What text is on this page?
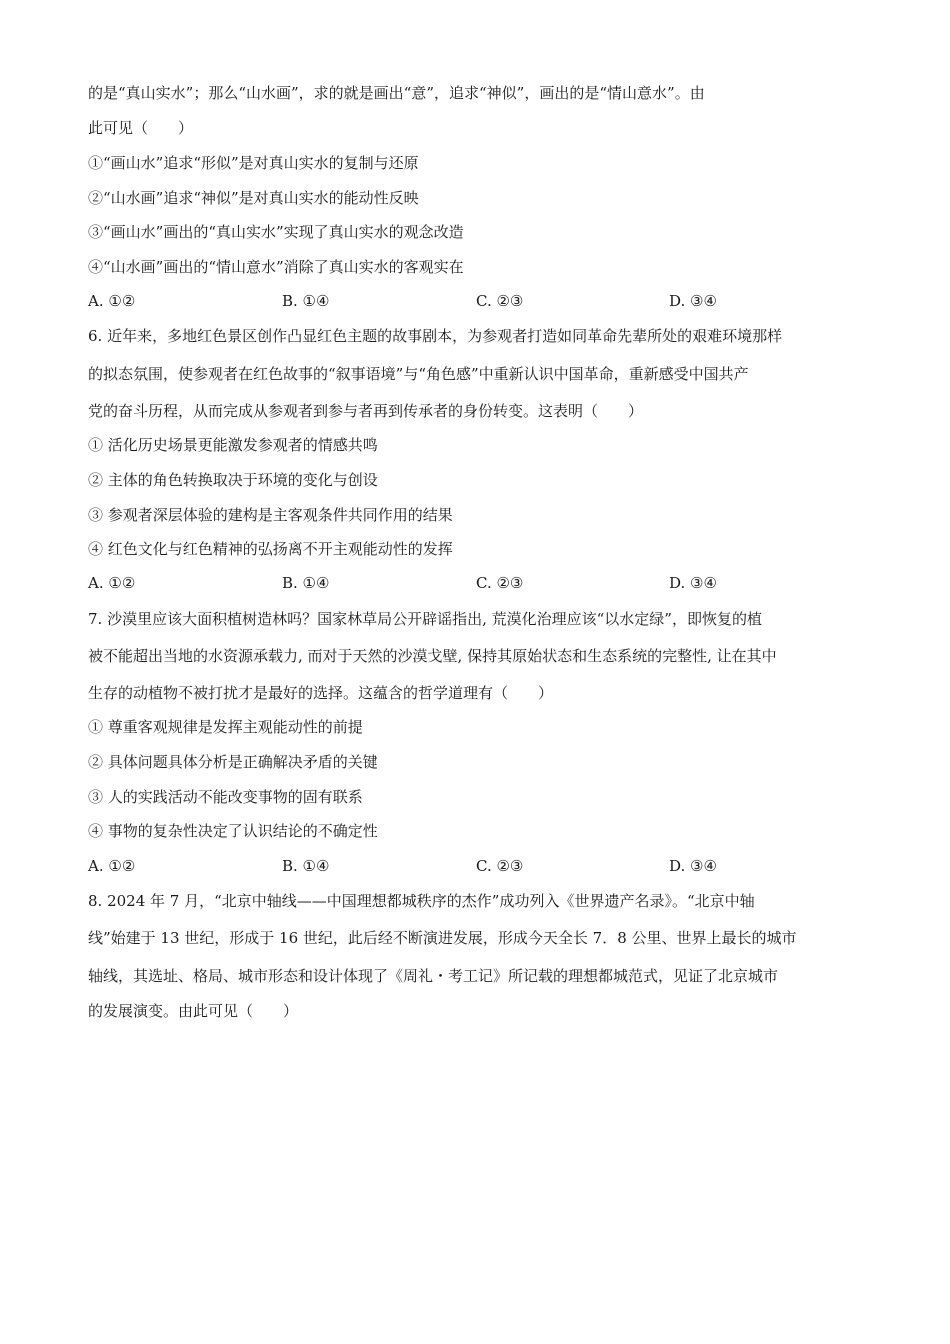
的是“真山实水”；那么“山水画”，求的就是画出“意”，追求“神似”，画出的是“情山意水”。由
此可见（　　）
①“画山水”追求“形似”是对真山实水的复制与还原
②“山水画”追求“神似”是对真山实水的能动性反映
③“画山水”画出的“真山实水”实现了真山实水的观念改造
④“山水画”画出的“情山意水”消除了真山实水的客观实在
A. ①②	B. ①④	C. ②③	D. ③④
6. 近年来，多地红色景区创作凸显红色主题的故事剧本，为参观者打造如同革命先辈所处的艰难环境那样
的拟态氛围，使参观者在红色故事的“叙事语境”与“角色感”中重新认识中国革命，重新感受中国共产
党的奋斗历程，从而完成从参观者到参与者再到传承者的身份转变。这表明（　　）
① 活化历史场景更能激发参观者的情感共鸣
② 主体的角色转换取决于环境的变化与创设
③ 参观者深层体验的建构是主客观条件共同作用的结果
④ 红色文化与红色精神的弘扬离不开主观能动性的发挥
A. ①②	B. ①④	C. ②③	D. ③④
7. 沙漠里应该大面积植树造林吗？国家林草局公开辟谣指出, 荒漠化治理应该“以水定绿”，即恢复的植
被不能超出当地的水资源承载力, 而对于天然的沙漠戈壁, 保持其原始状态和生态系统的完整性, 让在其中
生存的动植物不被打扰才是最好的选择。这蕴含的哲学道理有（　　）
① 尊重客观规律是发挥主观能动性的前提
② 具体问题具体分析是正确解决矛盾的关键
③ 人的实践活动不能改变事物的固有联系
④ 事物的复杂性决定了认识结论的不确定性
A. ①②	B. ①④	C. ②③	D. ③④
8. 2024 年 7 月，“北京中轴线——中国理想都城秩序的杰作”成功列入《世界遗产名录》。“北京中轴
线”始建于 13 世纪，形成于 16 世纪，此后经不断演进发展，形成今天全长 7．8 公里、世界上最长的城市
轴线，其选址、格局、城市形态和设计体现了《周礼・考工记》所记载的理想都城范式，见证了北京城市
的发展演变。由此可见（　　）
